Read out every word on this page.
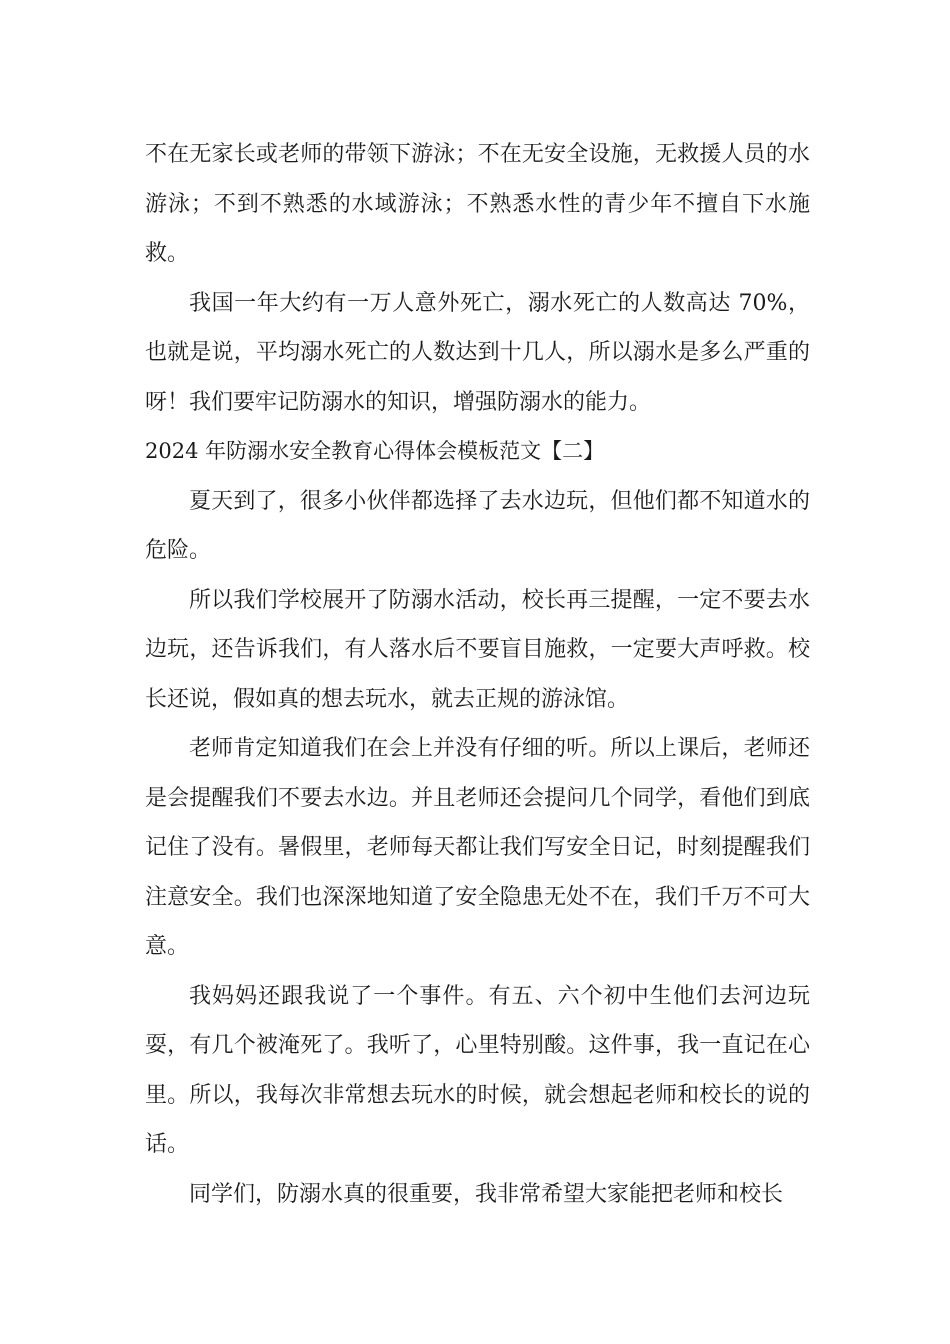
不在无家长或老师的带领下游泳；不在无安全设施，无救援人员的水游泳；不到不熟悉的水域游泳；不熟悉水性的青少年不擅自下水施救。

我国一年大约有一万人意外死亡，溺水死亡的人数高达 70%，也就是说，平均溺水死亡的人数达到十几人，所以溺水是多么严重的呀！我们要牢记防溺水的知识，增强防溺水的能力。

2024 年防溺水安全教育心得体会模板范文【二】

夏天到了，很多小伙伴都选择了去水边玩，但他们都不知道水的危险。

所以我们学校展开了防溺水活动，校长再三提醒，一定不要去水边玩，还告诉我们，有人落水后不要盲目施救，一定要大声呼救。校长还说，假如真的想去玩水，就去正规的游泳馆。

老师肯定知道我们在会上并没有仔细的听。所以上课后，老师还是会提醒我们不要去水边。并且老师还会提问几个同学，看他们到底记住了没有。暑假里，老师每天都让我们写安全日记，时刻提醒我们注意安全。我们也深深地知道了安全隐患无处不在，我们千万不可大意。

我妈妈还跟我说了一个事件。有五、六个初中生他们去河边玩耍，有几个被淹死了。我听了，心里特别酸。这件事，我一直记在心里。所以，我每次非常想去玩水的时候，就会想起老师和校长的说的话。

同学们，防溺水真的很重要，我非常希望大家能把老师和校长
